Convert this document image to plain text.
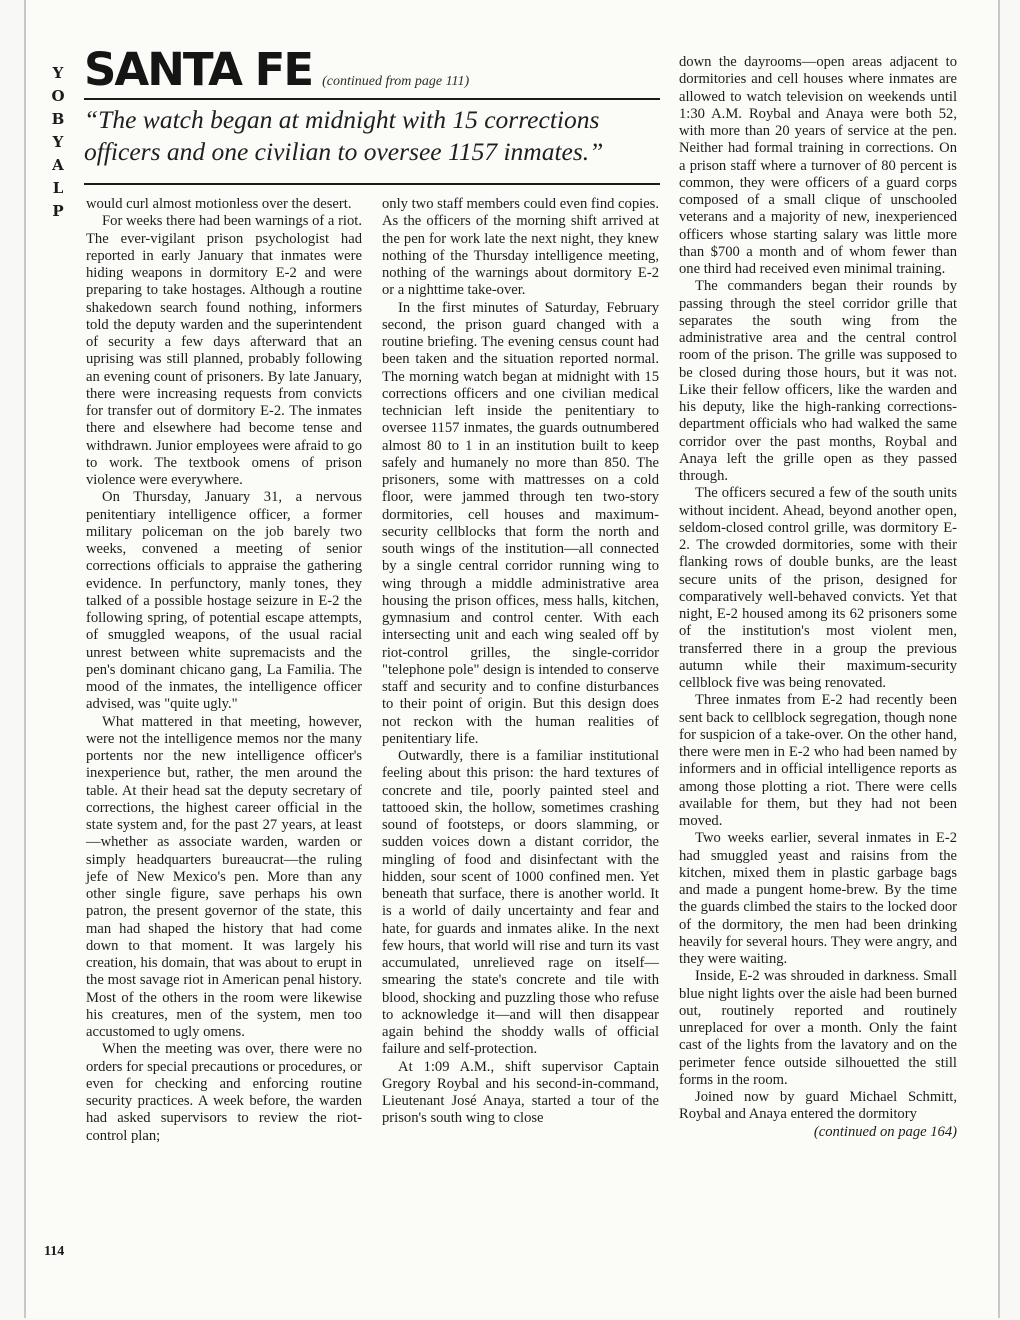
Y
O
B
Y
A
L
P
SANTA FE (continued from page 111)
“The watch began at midnight with 15 corrections officers and one civilian to oversee 1157 inmates.”

would curl almost motionless over the desert.

For weeks there had been warnings of a riot. The ever-vigilant prison psychologist had reported in early January that inmates were hiding weapons in dormitory E-2 and were preparing to take hostages. Although a routine shakedown search found nothing, informers told the deputy warden and the superintendent of security a few days afterward that an uprising was still planned, probably following an evening count of prisoners. By late January, there were increasing requests from convicts for transfer out of dormitory E-2. The inmates there and elsewhere had become tense and withdrawn. Junior employees were afraid to go to work. The textbook omens of prison violence were everywhere.

On Thursday, January 31, a nervous penitentiary intelligence officer, a former military policeman on the job barely two weeks, convened a meeting of senior corrections officials to appraise the gathering evidence. In perfunctory, manly tones, they talked of a possible hostage seizure in E-2 the following spring, of potential escape attempts, of smuggled weapons, of the usual racial unrest between white supremacists and the pen's dominant chicano gang, La Familia. The mood of the inmates, the intelligence officer advised, was "quite ugly."

What mattered in that meeting, however, were not the intelligence memos nor the many portents nor the new intelligence officer's inexperience but, rather, the men around the table. At their head sat the deputy secretary of corrections, the highest career official in the state system and, for the past 27 years, at least—whether as associate warden, warden or simply headquarters bureaucrat—the ruling jefe of New Mexico's pen. More than any other single figure, save perhaps his own patron, the present governor of the state, this man had shaped the history that had come down to that moment. It was largely his creation, his domain, that was about to erupt in the most savage riot in American penal history. Most of the others in the room were likewise his creatures, men of the system, men too accustomed to ugly omens.

When the meeting was over, there were no orders for special precautions or procedures, or even for checking and enforcing routine security practices. A week before, the warden had asked supervisors to review the riot-control plan;

only two staff members could even find copies. As the officers of the morning shift arrived at the pen for work late the next night, they knew nothing of the Thursday intelligence meeting, nothing of the warnings about dormitory E-2 or a nighttime take-over.

In the first minutes of Saturday, February second, the prison guard changed with a routine briefing. The evening census count had been taken and the situation reported normal. The morning watch began at midnight with 15 corrections officers and one civilian medical technician left inside the penitentiary to oversee 1157 inmates, the guards outnumbered almost 80 to 1 in an institution built to keep safely and humanely no more than 850. The prisoners, some with mattresses on a cold floor, were jammed through ten two-story dormitories, cell houses and maximum-security cellblocks that form the north and south wings of the institution—all connected by a single central corridor running wing to wing through a middle administrative area housing the prison offices, mess halls, kitchen, gymnasium and control center. With each intersecting unit and each wing sealed off by riot-control grilles, the single-corridor "telephone pole" design is intended to conserve staff and security and to confine disturbances to their point of origin. But this design does not reckon with the human realities of penitentiary life.

Outwardly, there is a familiar institutional feeling about this prison: the hard textures of concrete and tile, poorly painted steel and tattooed skin, the hollow, sometimes crashing sound of footsteps, or doors slamming, or sudden voices down a distant corridor, the mingling of food and disinfectant with the hidden, sour scent of 1000 confined men. Yet beneath that surface, there is another world. It is a world of daily uncertainty and fear and hate, for guards and inmates alike. In the next few hours, that world will rise and turn its vast accumulated, unrelieved rage on itself—smearing the state's concrete and tile with blood, shocking and puzzling those who refuse to acknowledge it—and will then disappear again behind the shoddy walls of official failure and self-protection.

At 1:09 A.M., shift supervisor Captain Gregory Roybal and his second-in-command, Lieutenant José Anaya, started a tour of the prison's south wing to close

down the dayrooms—open areas adjacent to dormitories and cell houses where inmates are allowed to watch television on weekends until 1:30 A.M. Roybal and Anaya were both 52, with more than 20 years of service at the pen. Neither had formal training in corrections. On a prison staff where a turnover of 80 percent is common, they were officers of a guard corps composed of a small clique of unschooled veterans and a majority of new, inexperienced officers whose starting salary was little more than $700 a month and of whom fewer than one third had received even minimal training.

The commanders began their rounds by passing through the steel corridor grille that separates the south wing from the administrative area and the central control room of the prison. The grille was supposed to be closed during those hours, but it was not. Like their fellow officers, like the warden and his deputy, like the high-ranking corrections-department officials who had walked the same corridor over the past months, Roybal and Anaya left the grille open as they passed through.

The officers secured a few of the south units without incident. Ahead, beyond another open, seldom-closed control grille, was dormitory E-2. The crowded dormitories, some with their flanking rows of double bunks, are the least secure units of the prison, designed for comparatively well-behaved convicts. Yet that night, E-2 housed among its 62 prisoners some of the institution's most violent men, transferred there in a group the previous autumn while their maximum-security cellblock five was being renovated.

Three inmates from E-2 had recently been sent back to cellblock segregation, though none for suspicion of a take-over. On the other hand, there were men in E-2 who had been named by informers and in official intelligence reports as among those plotting a riot. There were cells available for them, but they had not been moved.

Two weeks earlier, several inmates in E-2 had smuggled yeast and raisins from the kitchen, mixed them in plastic garbage bags and made a pungent home-brew. By the time the guards climbed the stairs to the locked door of the dormitory, the men had been drinking heavily for several hours. They were angry, and they were waiting.

Inside, E-2 was shrouded in darkness. Small blue night lights over the aisle had been burned out, routinely reported and routinely unreplaced for over a month. Only the faint cast of the lights from the lavatory and on the perimeter fence outside silhouetted the still forms in the room.

Joined now by guard Michael Schmitt, Roybal and Anaya entered the dormitory

(continued on page 164)

114
